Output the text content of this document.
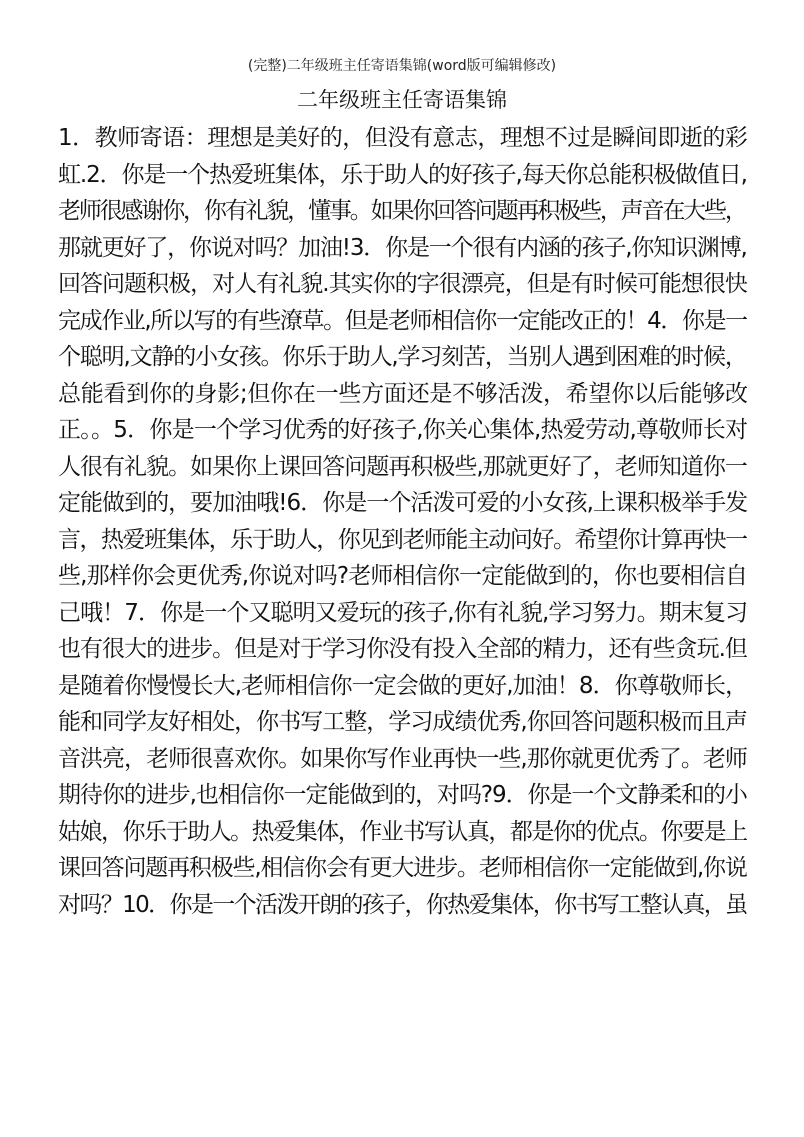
(完整)二年级班主任寄语集锦(word版可编辑修改)
二年级班主任寄语集锦
1．教师寄语：理想是美好的，但没有意志，理想不过是瞬间即逝的彩
虹.2．你是一个热爱班集体，乐于助人的好孩子,每天你总能积极做值日,
老师很感谢你，你有礼貌，懂事。如果你回答问题再积极些，声音在大些，
那就更好了，你说对吗？加油!3．你是一个很有内涵的孩子,你知识渊博,
回答问题积极，对人有礼貌.其实你的字很漂亮，但是有时候可能想很快
完成作业,所以写的有些潦草。但是老师相信你一定能改正的！4．你是一
个聪明,文静的小女孩。你乐于助人,学习刻苦，当别人遇到困难的时候，
总能看到你的身影;但你在一些方面还是不够活泼，希望你以后能够改
正。。5．你是一个学习优秀的好孩子,你关心集体,热爱劳动,尊敬师长对
人很有礼貌。如果你上课回答问题再积极些,那就更好了，老师知道你一
定能做到的，要加油哦!6．你是一个活泼可爱的小女孩,上课积极举手发
言，热爱班集体，乐于助人，你见到老师能主动问好。希望你计算再快一
些,那样你会更优秀,你说对吗?老师相信你一定能做到的，你也要相信自
己哦！7．你是一个又聪明又爱玩的孩子,你有礼貌,学习努力。期末复习
也有很大的进步。但是对于学习你没有投入全部的精力，还有些贪玩.但
是随着你慢慢长大,老师相信你一定会做的更好,加油！8．你尊敬师长，
能和同学友好相处，你书写工整，学习成绩优秀,你回答问题积极而且声
音洪亮，老师很喜欢你。如果你写作业再快一些,那你就更优秀了。老师
期待你的进步,也相信你一定能做到的，对吗?9．你是一个文静柔和的小
姑娘，你乐于助人。热爱集体，作业书写认真，都是你的优点。你要是上
课回答问题再积极些,相信你会有更大进步。老师相信你一定能做到,你说
对吗？10．你是一个活泼开朗的孩子，你热爱集体，你书写工整认真，虽
